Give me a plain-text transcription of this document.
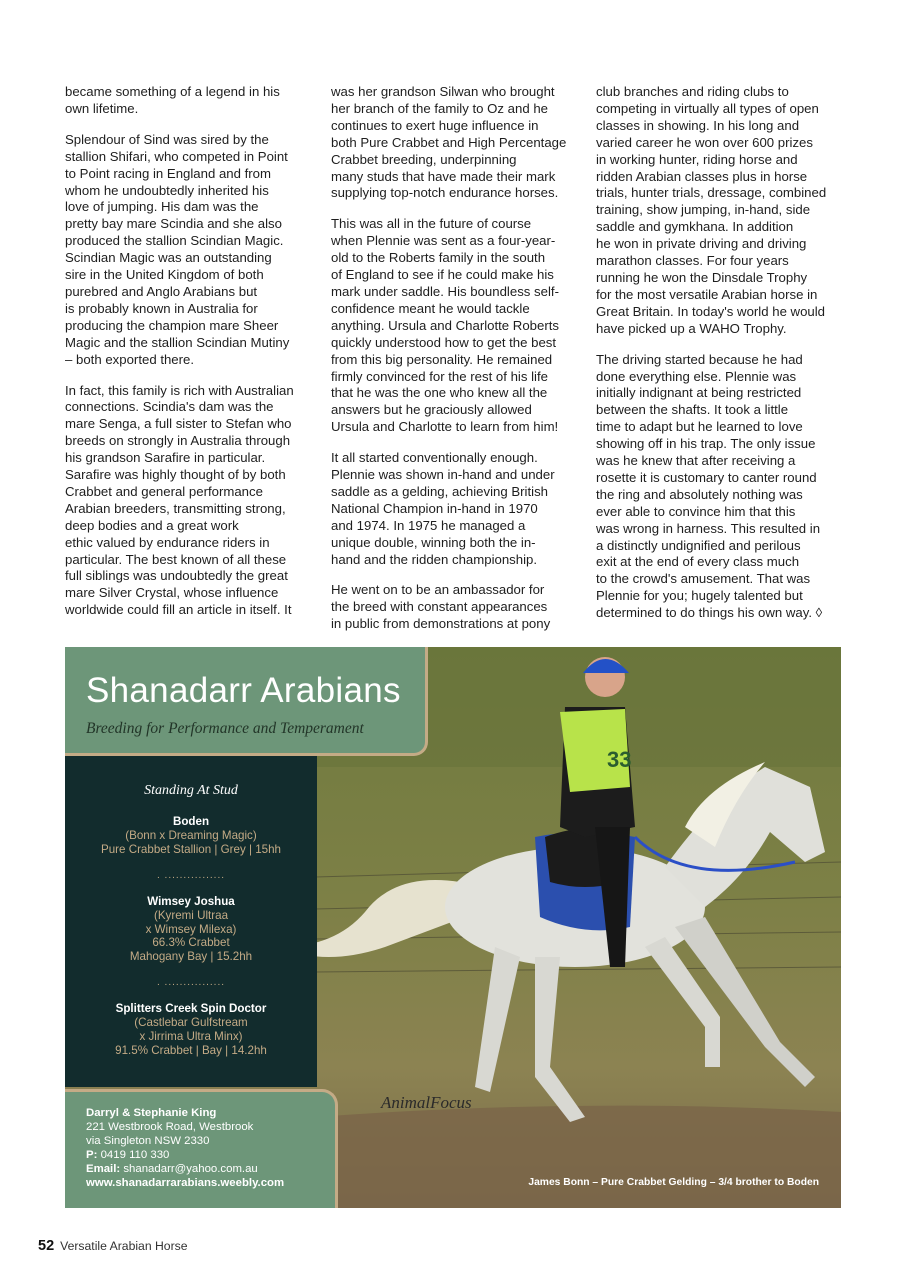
became something of a legend in his
own lifetime.

Splendour of Sind was sired by the
stallion Shifari, who competed in Point
to Point racing in England and from
whom he undoubtedly inherited his
love of jumping. His dam was the
pretty bay mare Scindia and she also
produced the stallion Scindian Magic.
Scindian Magic was an outstanding
sire in the United Kingdom of both
purebred and Anglo Arabians but
is probably known in Australia for
producing the champion mare Sheer
Magic and the stallion Scindian Mutiny
– both exported there.

In fact, this family is rich with Australian
connections. Scindia's dam was the
mare Senga, a full sister to Stefan who
breeds on strongly in Australia through
his grandson Sarafire in particular.
Sarafire was highly thought of by both
Crabbet and general performance
Arabian breeders, transmitting strong,
deep bodies and a great work
ethic valued by endurance riders in
particular. The best known of all these
full siblings was undoubtedly the great
mare Silver Crystal, whose influence
worldwide could fill an article in itself. It

was her grandson Silwan who brought
her branch of the family to Oz and he
continues to exert huge influence in
both Pure Crabbet and High Percentage
Crabbet breeding, underpinning
many studs that have made their mark
supplying top-notch endurance horses.

This was all in the future of course
when Plennie was sent as a four-year-
old to the Roberts family in the south
of England to see if he could make his
mark under saddle. His boundless self-
confidence meant he would tackle
anything. Ursula and Charlotte Roberts
quickly understood how to get the best
from this big personality. He remained
firmly convinced for the rest of his life
that he was the one who knew all the
answers but he graciously allowed
Ursula and Charlotte to learn from him!

It all started conventionally enough.
Plennie was shown in-hand and under
saddle as a gelding, achieving British
National Champion in-hand in 1970
and 1974. In 1975 he managed a
unique double, winning both the in-
hand and the ridden championship.

He went on to be an ambassador for
the breed with constant appearances
in public from demonstrations at pony

club branches and riding clubs to
competing in virtually all types of open
classes in showing. In his long and
varied career he won over 600 prizes
in working hunter, riding horse and
ridden Arabian classes plus in horse
trials, hunter trials, dressage, combined
training, show jumping, in-hand, side
saddle and gymkhana. In addition
he won in private driving and driving
marathon classes. For four years
running he won the Dinsdale Trophy
for the most versatile Arabian horse in
Great Britain. In today's world he would
have picked up a WAHO Trophy.

The driving started because he had
done everything else. Plennie was
initially indignant at being restricted
between the shafts. It took a little
time to adapt but he learned to love
showing off in his trap. The only issue
was he knew that after receiving a
rosette it is customary to canter round
the ring and absolutely nothing was
ever able to convince him that this
was wrong in harness. This resulted in
a distinctly undignified and perilous
exit at the end of every class much
to the crowd's amusement. That was
Plennie for you; hugely talented but
determined to do things his own way. ◊

33
Shanadarr Arabians
Breeding for Performance and Temperament
Standing At Stud
Boden
(Bonn x Dreaming Magic)
Pure Crabbet Stallion | Grey | 15hh
. ................
Wimsey Joshua
(Kyremi Ultraa
x Wimsey Milexa)
66.3% Crabbet
Mahogany Bay | 15.2hh
. ................
Splitters Creek Spin Doctor
(Castlebar Gulfstream
x Jirrima Ultra Minx)
91.5% Crabbet | Bay | 14.2hh
Darryl & Stephanie King
221 Westbrook Road, Westbrook
via Singleton NSW 2330
P: 0419 110 330
Email: shanadarr@yahoo.com.au
www.shanadarrarabians.weebly.com
AnimalFocus
James Bonn – Pure Crabbet Gelding – 3/4 brother to Boden
52 Versatile Arabian Horse
